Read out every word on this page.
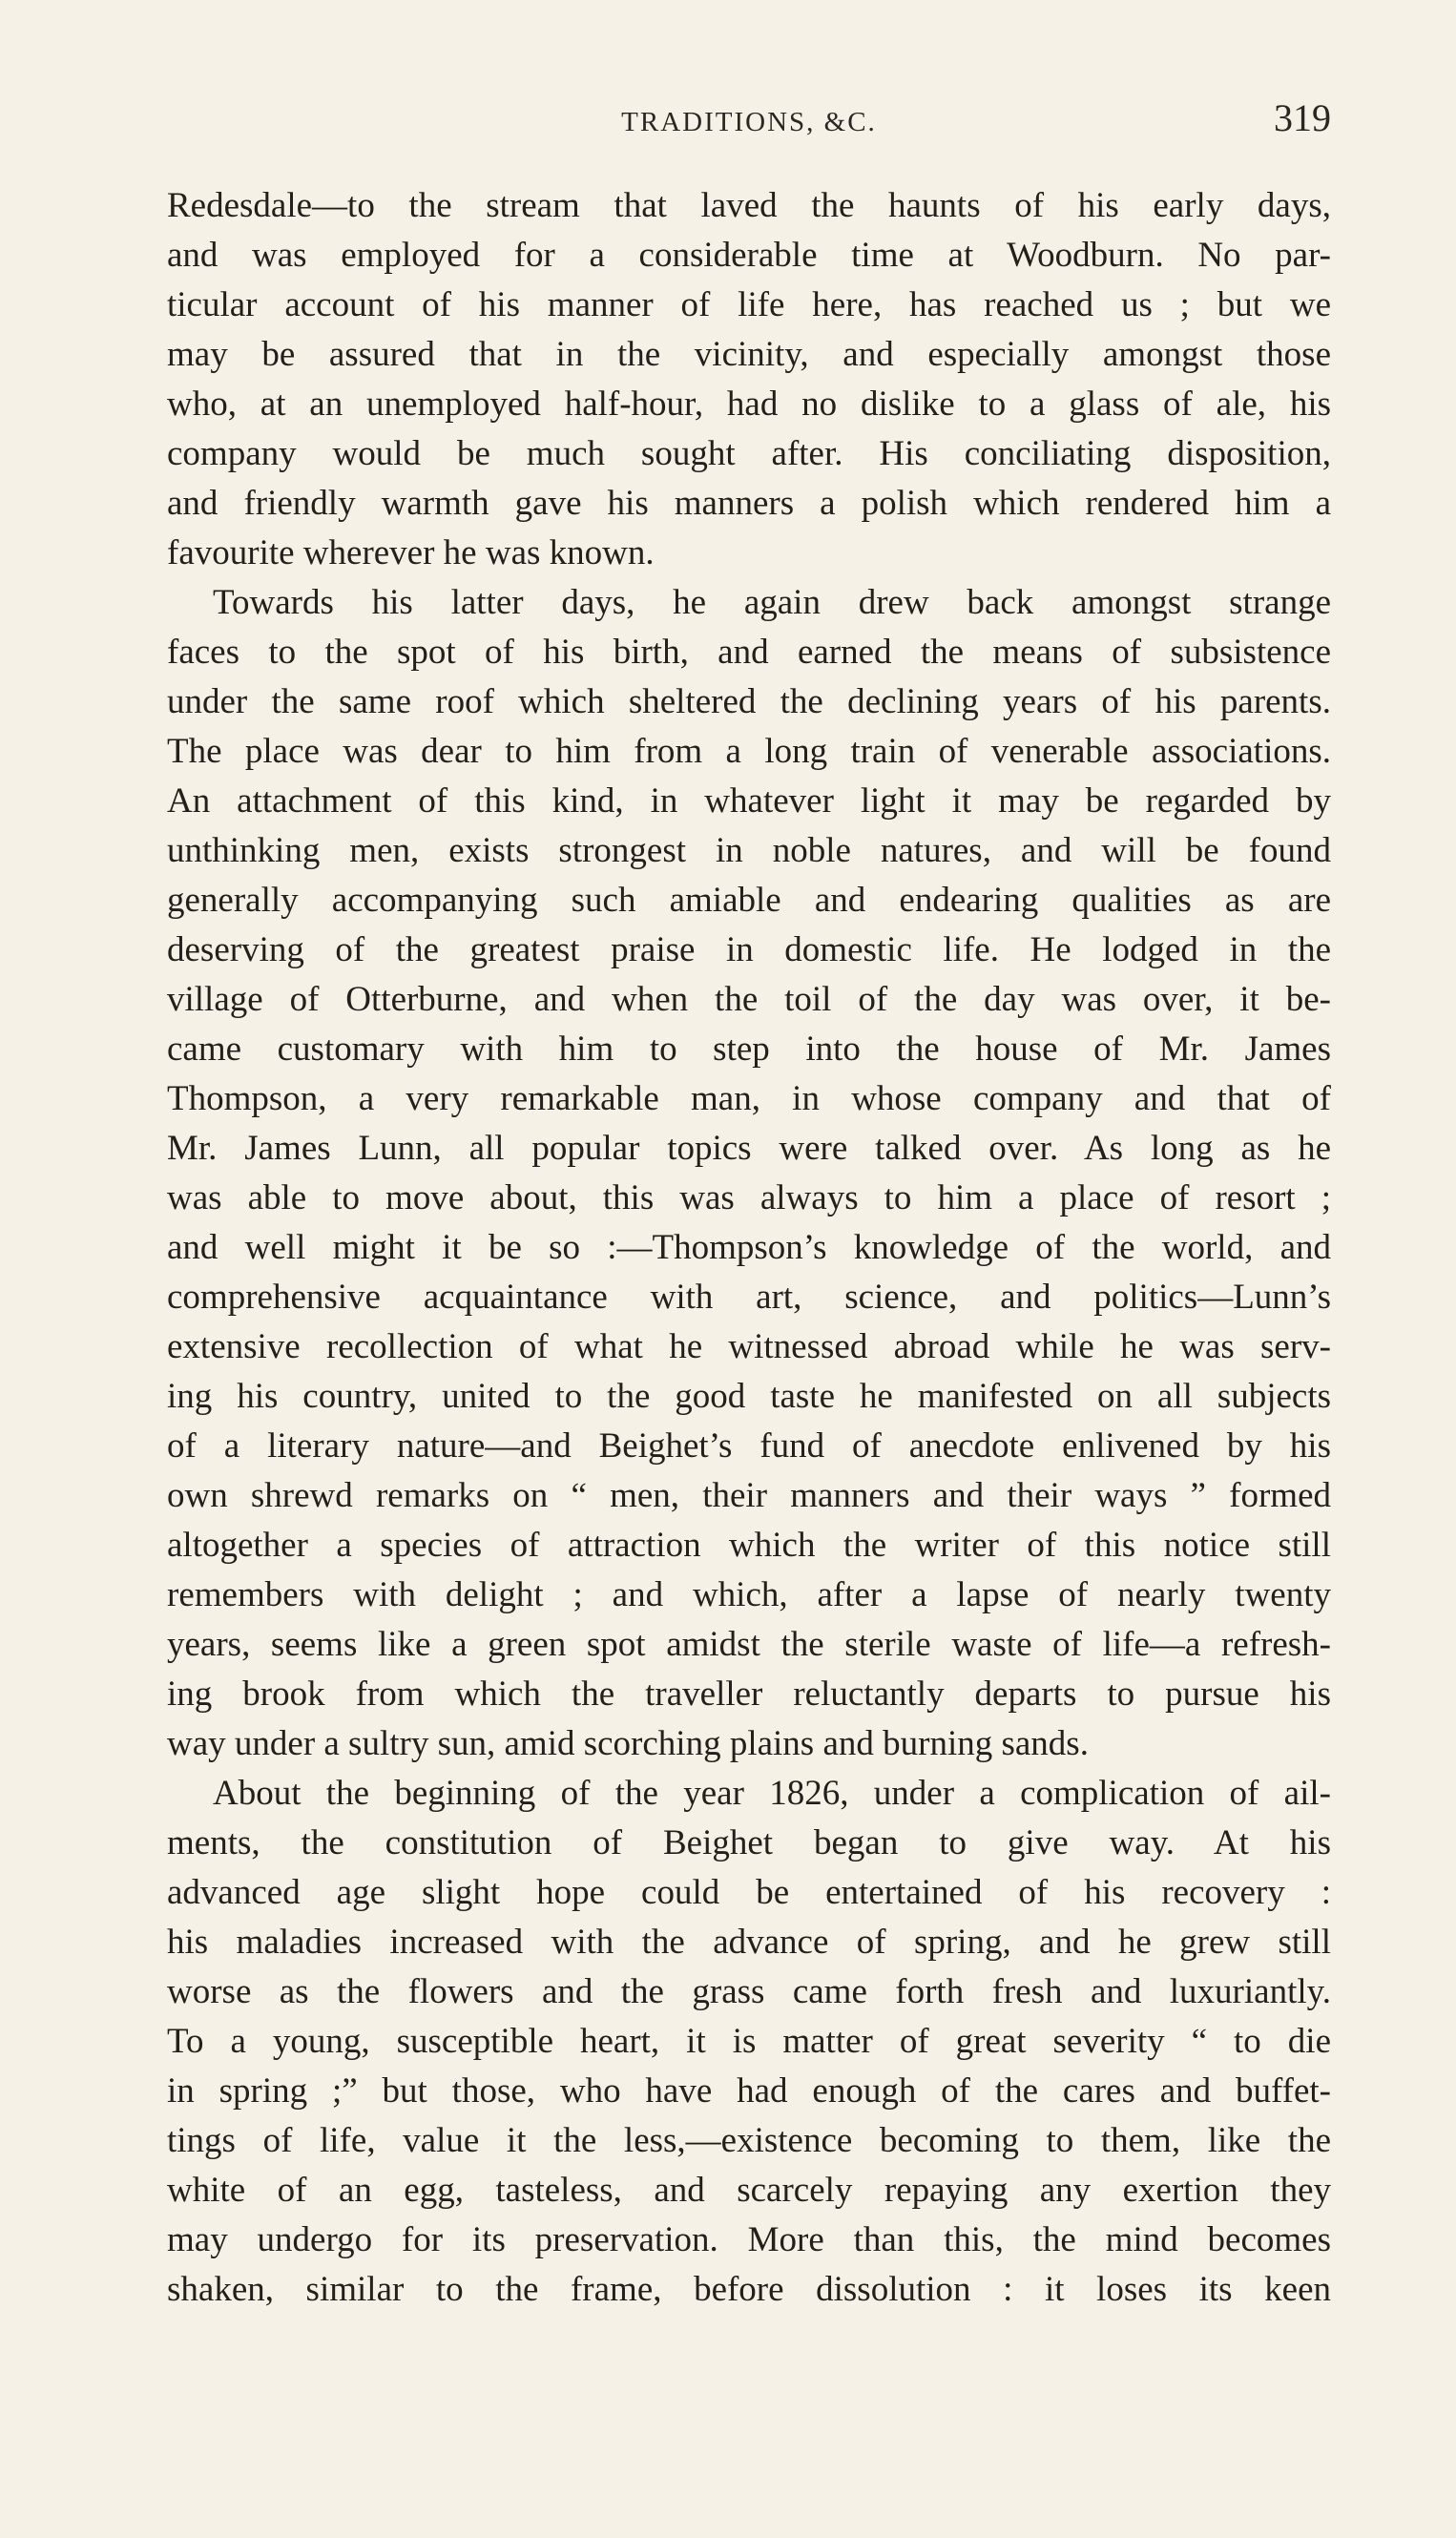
TRADITIONS, &C.	319
Redesdale—to the stream that laved the haunts of his early days,
and was employed for a considerable time at Woodburn. No par-
ticular account of his manner of life here, has reached us ; but we
may be assured that in the vicinity, and especially amongst those
who, at an unemployed half-hour, had no dislike to a glass of ale, his
company would be much sought after. His conciliating disposition,
and friendly warmth gave his manners a polish which rendered him a
favourite wherever he was known.
Towards his latter days, he again drew back amongst strange
faces to the spot of his birth, and earned the means of subsistence
under the same roof which sheltered the declining years of his parents.
The place was dear to him from a long train of venerable associations.
An attachment of this kind, in whatever light it may be regarded by
unthinking men, exists strongest in noble natures, and will be found
generally accompanying such amiable and endearing qualities as are
deserving of the greatest praise in domestic life. He lodged in the
village of Otterburne, and when the toil of the day was over, it be-
came customary with him to step into the house of Mr. James
Thompson, a very remarkable man, in whose company and that of
Mr. James Lunn, all popular topics were talked over. As long as he
was able to move about, this was always to him a place of resort ;
and well might it be so :—Thompson’s knowledge of the world, and
comprehensive acquaintance with art, science, and politics—Lunn’s
extensive recollection of what he witnessed abroad while he was serv-
ing his country, united to the good taste he manifested on all subjects
of a literary nature—and Beighet’s fund of anecdote enlivened by his
own shrewd remarks on “ men, their manners and their ways ” formed
altogether a species of attraction which the writer of this notice still
remembers with delight ; and which, after a lapse of nearly twenty
years, seems like a green spot amidst the sterile waste of life—a refresh-
ing brook from which the traveller reluctantly departs to pursue his
way under a sultry sun, amid scorching plains and burning sands.
About the beginning of the year 1826, under a complication of ail-
ments, the constitution of Beighet began to give way. At his
advanced age slight hope could be entertained of his recovery :
his maladies increased with the advance of spring, and he grew still
worse as the flowers and the grass came forth fresh and luxuriantly.
To a young, susceptible heart, it is matter of great severity “ to die
in spring ;” but those, who have had enough of the cares and buffet-
tings of life, value it the less,—existence becoming to them, like the
white of an egg, tasteless, and scarcely repaying any exertion they
may undergo for its preservation. More than this, the mind becomes
shaken, similar to the frame, before dissolution : it loses its keen
